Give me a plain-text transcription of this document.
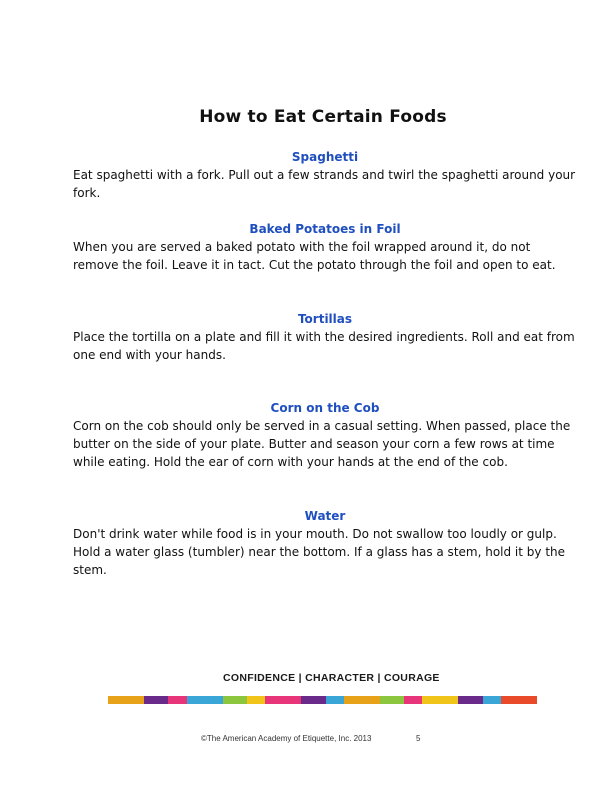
How to Eat Certain Foods
Spaghetti
Eat spaghetti with a fork. Pull out a few strands and twirl the spaghetti around your fork.
Baked Potatoes in Foil
When you are served a baked potato with the foil wrapped around it, do not remove the foil. Leave it in tact. Cut the potato through the foil and open to eat.
Tortillas
Place the tortilla on a plate and fill it with the desired ingredients. Roll and eat from one end with your hands.
Corn on the Cob
Corn on the cob should only be served in a casual setting. When passed, place the butter on the side of your plate. Butter and season your corn a few rows at time while eating. Hold the ear of corn with your hands at the end of the cob.
Water
Don't drink water while food is in your mouth. Do not swallow too loudly or gulp. Hold a water glass (tumbler) near the bottom. If a glass has a stem, hold it by the stem.
CONFIDENCE | CHARACTER | COURAGE
©The American Academy of Etiquette, Inc. 2013	5
